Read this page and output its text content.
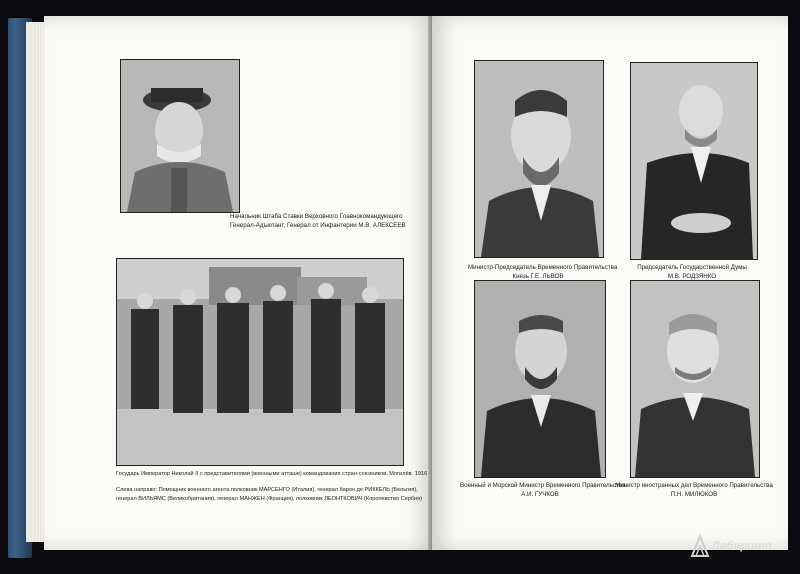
Начальник Штаба Ставки Верховного Главнокомандующего
Генерал-Адъютант, Генерал от Инфантерии М.В. АЛЕКСЕЕВ
Государь Император Николай II с представителями (военными атташе) командования стран-союзников. Могилёв. 1916
Слева направо: Помощник военного агента полковник МАРСЕНГО (Италия), генерал барон де РИККЕЛЬ (Бельгия),
генерал ВИЛЬЯМС (Великобритания), генерал МАНЖЕН (Франция), полковник ЛЕОНТКОВИЧ (Королевство Сербия)
Министр-Председатель Временного Правительства
Князь Г.Е. ЛЬВОВ
Председатель Государственной Думы
М.В. РОДЗЯНКО
Военный и Морской Министр Временного Правительства
А.И. ГУЧКОВ
Министр иностранных дел Временного Правительства
П.Н. МИЛЮКОВ
Лабиринт
